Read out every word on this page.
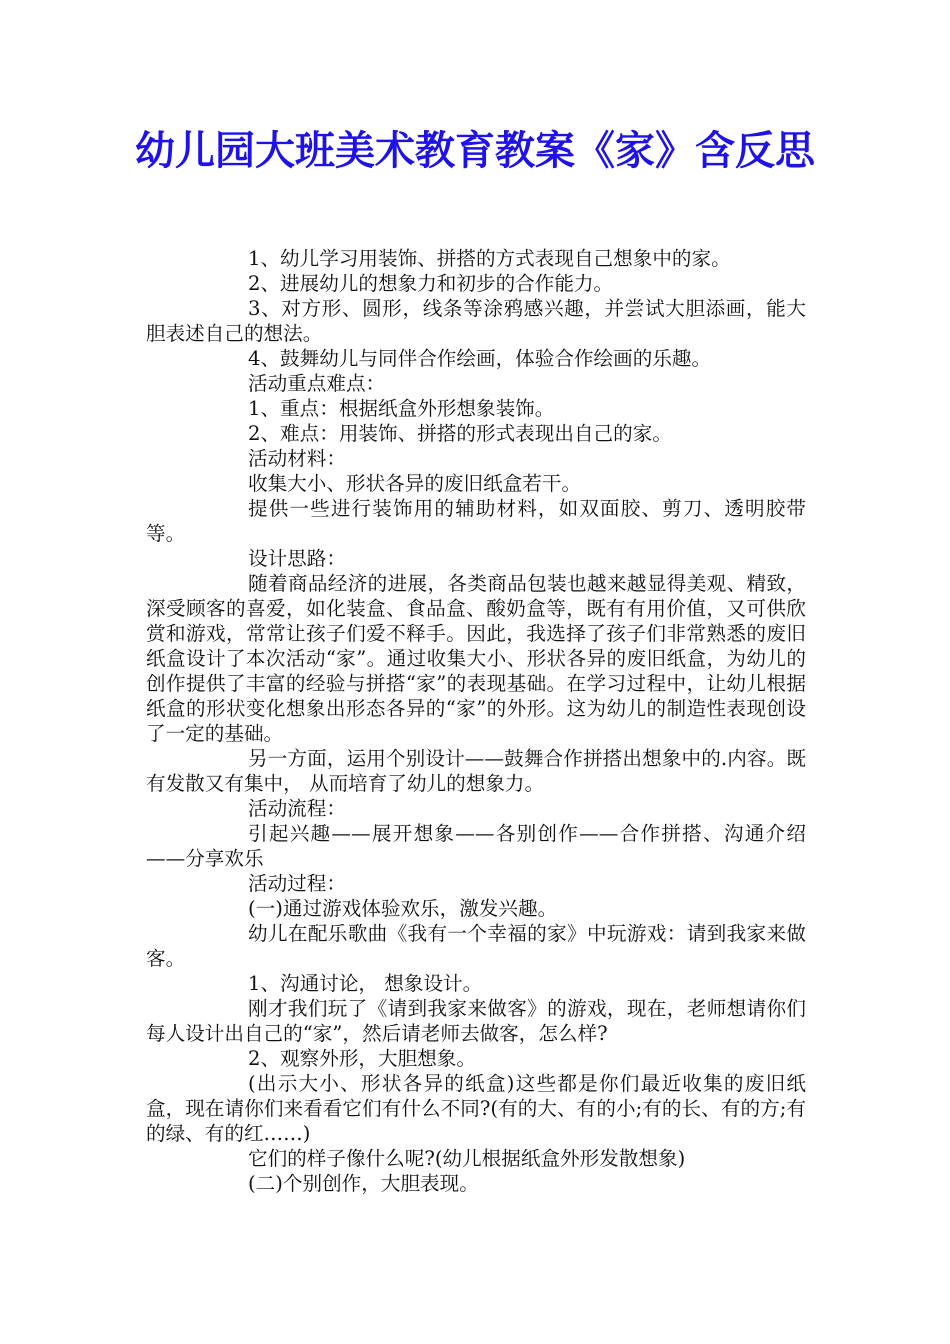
幼儿园大班美术教育教案《家》含反思

1、幼儿学习用装饰、拼搭的方式表现自己想象中的家。

2、进展幼儿的想象力和初步的合作能力。

3、对方形、圆形，线条等涂鸦感兴趣，并尝试大胆添画，能大胆表述自己的想法。

4、鼓舞幼儿与同伴合作绘画，体验合作绘画的乐趣。

活动重点难点：

1、重点：根据纸盒外形想象装饰。

2、难点：用装饰、拼搭的形式表现出自己的家。

活动材料：

收集大小、形状各异的废旧纸盒若干。

提供一些进行装饰用的辅助材料，如双面胶、剪刀、透明胶带等。

设计思路：

随着商品经济的进展，各类商品包装也越来越显得美观、精致，深受顾客的喜爱，如化装盒、食品盒、酸奶盒等，既有有用价值，又可供欣赏和游戏，常常让孩子们爱不释手。因此，我选择了孩子们非常熟悉的废旧纸盒设计了本次活动“家”。通过收集大小、形状各异的废旧纸盒，为幼儿的创作提供了丰富的经验与拼搭“家”的表现基础。在学习过程中，让幼儿根据纸盒的形状变化想象出形态各异的“家”的外形。这为幼儿的制造性表现创设了一定的基础。

另一方面，运用个别设计——鼓舞合作拼搭出想象中的.内容。既有发散又有集中， 从而培育了幼儿的想象力。

活动流程：

引起兴趣——展开想象——各别创作——合作拼搭、沟通介绍——分享欢乐

活动过程：

(一)通过游戏体验欢乐，激发兴趣。

幼儿在配乐歌曲《我有一个幸福的家》中玩游戏：请到我家来做客。

1、沟通讨论， 想象设计。

刚才我们玩了《请到我家来做客》的游戏，现在，老师想请你们每人设计出自己的“家”，然后请老师去做客，怎么样?

2、观察外形，大胆想象。

(出示大小、形状各异的纸盒)这些都是你们最近收集的废旧纸盒，现在请你们来看看它们有什么不同?(有的大、有的小;有的长、有的方;有的绿、有的红……)

它们的样子像什么呢?(幼儿根据纸盒外形发散想象)

(二)个别创作，大胆表现。
